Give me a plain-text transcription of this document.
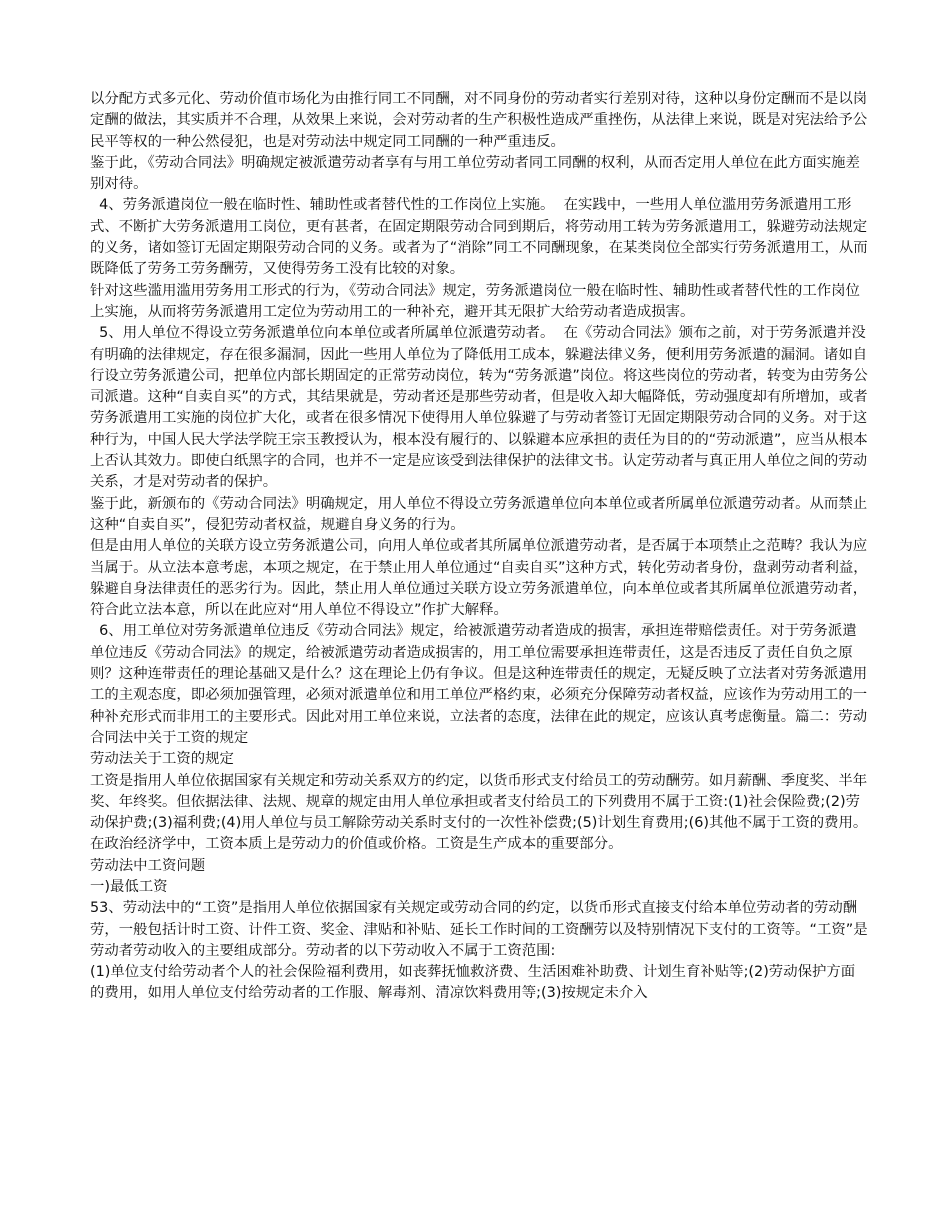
以分配方式多元化、劳动价值市场化为由推行同工不同酬，对不同身份的劳动者实行差别对待，这种以身份定酬而不是以岗定酬的做法，其实质并不合理，从效果上来说，会对劳动者的生产积极性造成严重挫伤，从法律上来说，既是对宪法给予公民平等权的一种公然侵犯，也是对劳动法中规定同工同酬的一种严重违反。

鉴于此，《劳动合同法》明确规定被派遣劳动者享有与用工单位劳动者同工同酬的权利，从而否定用人单位在此方面实施差别对待。

4、劳务派遣岗位一般在临时性、辅助性或者替代性的工作岗位上实施。  在实践中，一些用人单位滥用劳务派遣用工形式、不断扩大劳务派遣用工岗位，更有甚者，在固定期限劳动合同到期后，将劳动用工转为劳务派遣用工，躲避劳动法规定的义务，诸如签订无固定期限劳动合同的义务。或者为了“消除”同工不同酬现象，在某类岗位全部实行劳务派遣用工，从而既降低了劳务工劳务酬劳，又使得劳务工没有比较的对象。

针对这些滥用滥用劳务用工形式的行为，《劳动合同法》规定，劳务派遣岗位一般在临时性、辅助性或者替代性的工作岗位上实施，从而将劳务派遣用工定位为劳动用工的一种补充，避开其无限扩大给劳动者造成损害。

5、用人单位不得设立劳务派遣单位向本单位或者所属单位派遣劳动者。  在《劳动合同法》颁布之前，对于劳务派遣并没有明确的法律规定，存在很多漏洞，因此一些用人单位为了降低用工成本，躲避法律义务，便利用劳务派遣的漏洞。诸如自行设立劳务派遣公司，把单位内部长期固定的正常劳动岗位，转为“劳务派遣”岗位。将这些岗位的劳动者，转变为由劳务公司派遣。这种“自卖自买”的方式，其结果就是，劳动者还是那些劳动者，但是收入却大幅降低，劳动强度却有所增加，或者劳务派遣用工实施的岗位扩大化，或者在很多情况下使得用人单位躲避了与劳动者签订无固定期限劳动合同的义务。对于这种行为，中国人民大学法学院王宗玉教授认为，根本没有履行的、以躲避本应承担的责任为目的的“劳动派遣”，应当从根本上否认其效力。即使白纸黑字的合同，也并不一定是应该受到法律保护的法律文书。认定劳动者与真正用人单位之间的劳动关系，才是对劳动者的保护。

鉴于此，新颁布的《劳动合同法》明确规定，用人单位不得设立劳务派遣单位向本单位或者所属单位派遣劳动者。从而禁止这种“自卖自买”，侵犯劳动者权益，规避自身义务的行为。

但是由用人单位的关联方设立劳务派遣公司，向用人单位或者其所属单位派遣劳动者，是否属于本项禁止之范畴？我认为应当属于。从立法本意考虑，本项之规定，在于禁止用人单位通过“自卖自买”这种方式，转化劳动者身份，盘剥劳动者利益，躲避自身法律责任的恶劣行为。因此，禁止用人单位通过关联方设立劳务派遣单位，向本单位或者其所属单位派遣劳动者，符合此立法本意，所以在此应对“用人单位不得设立”作扩大解释。

6、用工单位对劳务派遣单位违反《劳动合同法》规定，给被派遣劳动者造成的损害，承担连带赔偿责任。对于劳务派遣单位违反《劳动合同法》的规定，给被派遣劳动者造成损害的，用工单位需要承担连带责任，这是否违反了责任自负之原则？这种连带责任的理论基础又是什么？这在理论上仍有争议。但是这种连带责任的规定，无疑反映了立法者对劳务派遣用工的主观态度，即必须加强管理，必须对派遣单位和用工单位严格约束，必须充分保障劳动者权益，应该作为劳动用工的一种补充形式而非用工的主要形式。因此对用工单位来说，立法者的态度，法律在此的规定，应该认真考虑衡量。篇二：劳动合同法中关于工资的规定

劳动法关于工资的规定

工资是指用人单位依据国家有关规定和劳动关系双方的约定，以货币形式支付给员工的劳动酬劳。如月薪酬、季度奖、半年奖、年终奖。但依据法律、法规、规章的规定由用人单位承担或者支付给员工的下列费用不属于工资:(1)社会保险费;(2)劳动保护费;(3)福利费;(4)用人单位与员工解除劳动关系时支付的一次性补偿费;(5)计划生育费用;(6)其他不属于工资的费用。  在政治经济学中，工资本质上是劳动力的价值或价格。工资是生产成本的重要部分。

劳动法中工资问题

一)最低工资

53、劳动法中的“工资”是指用人单位依据国家有关规定或劳动合同的约定，以货币形式直接支付给本单位劳动者的劳动酬劳，一般包括计时工资、计件工资、奖金、津贴和补贴、延长工作时间的工资酬劳以及特别情况下支付的工资等。“工资”是劳动者劳动收入的主要组成部分。劳动者的以下劳动收入不属于工资范围:

(1)单位支付给劳动者个人的社会保险福利费用，如丧葬抚恤救济费、生活困难补助费、计划生育补贴等;(2)劳动保护方面的费用，如用人单位支付给劳动者的工作服、解毒剂、清凉饮料费用等;(3)按规定未介入
